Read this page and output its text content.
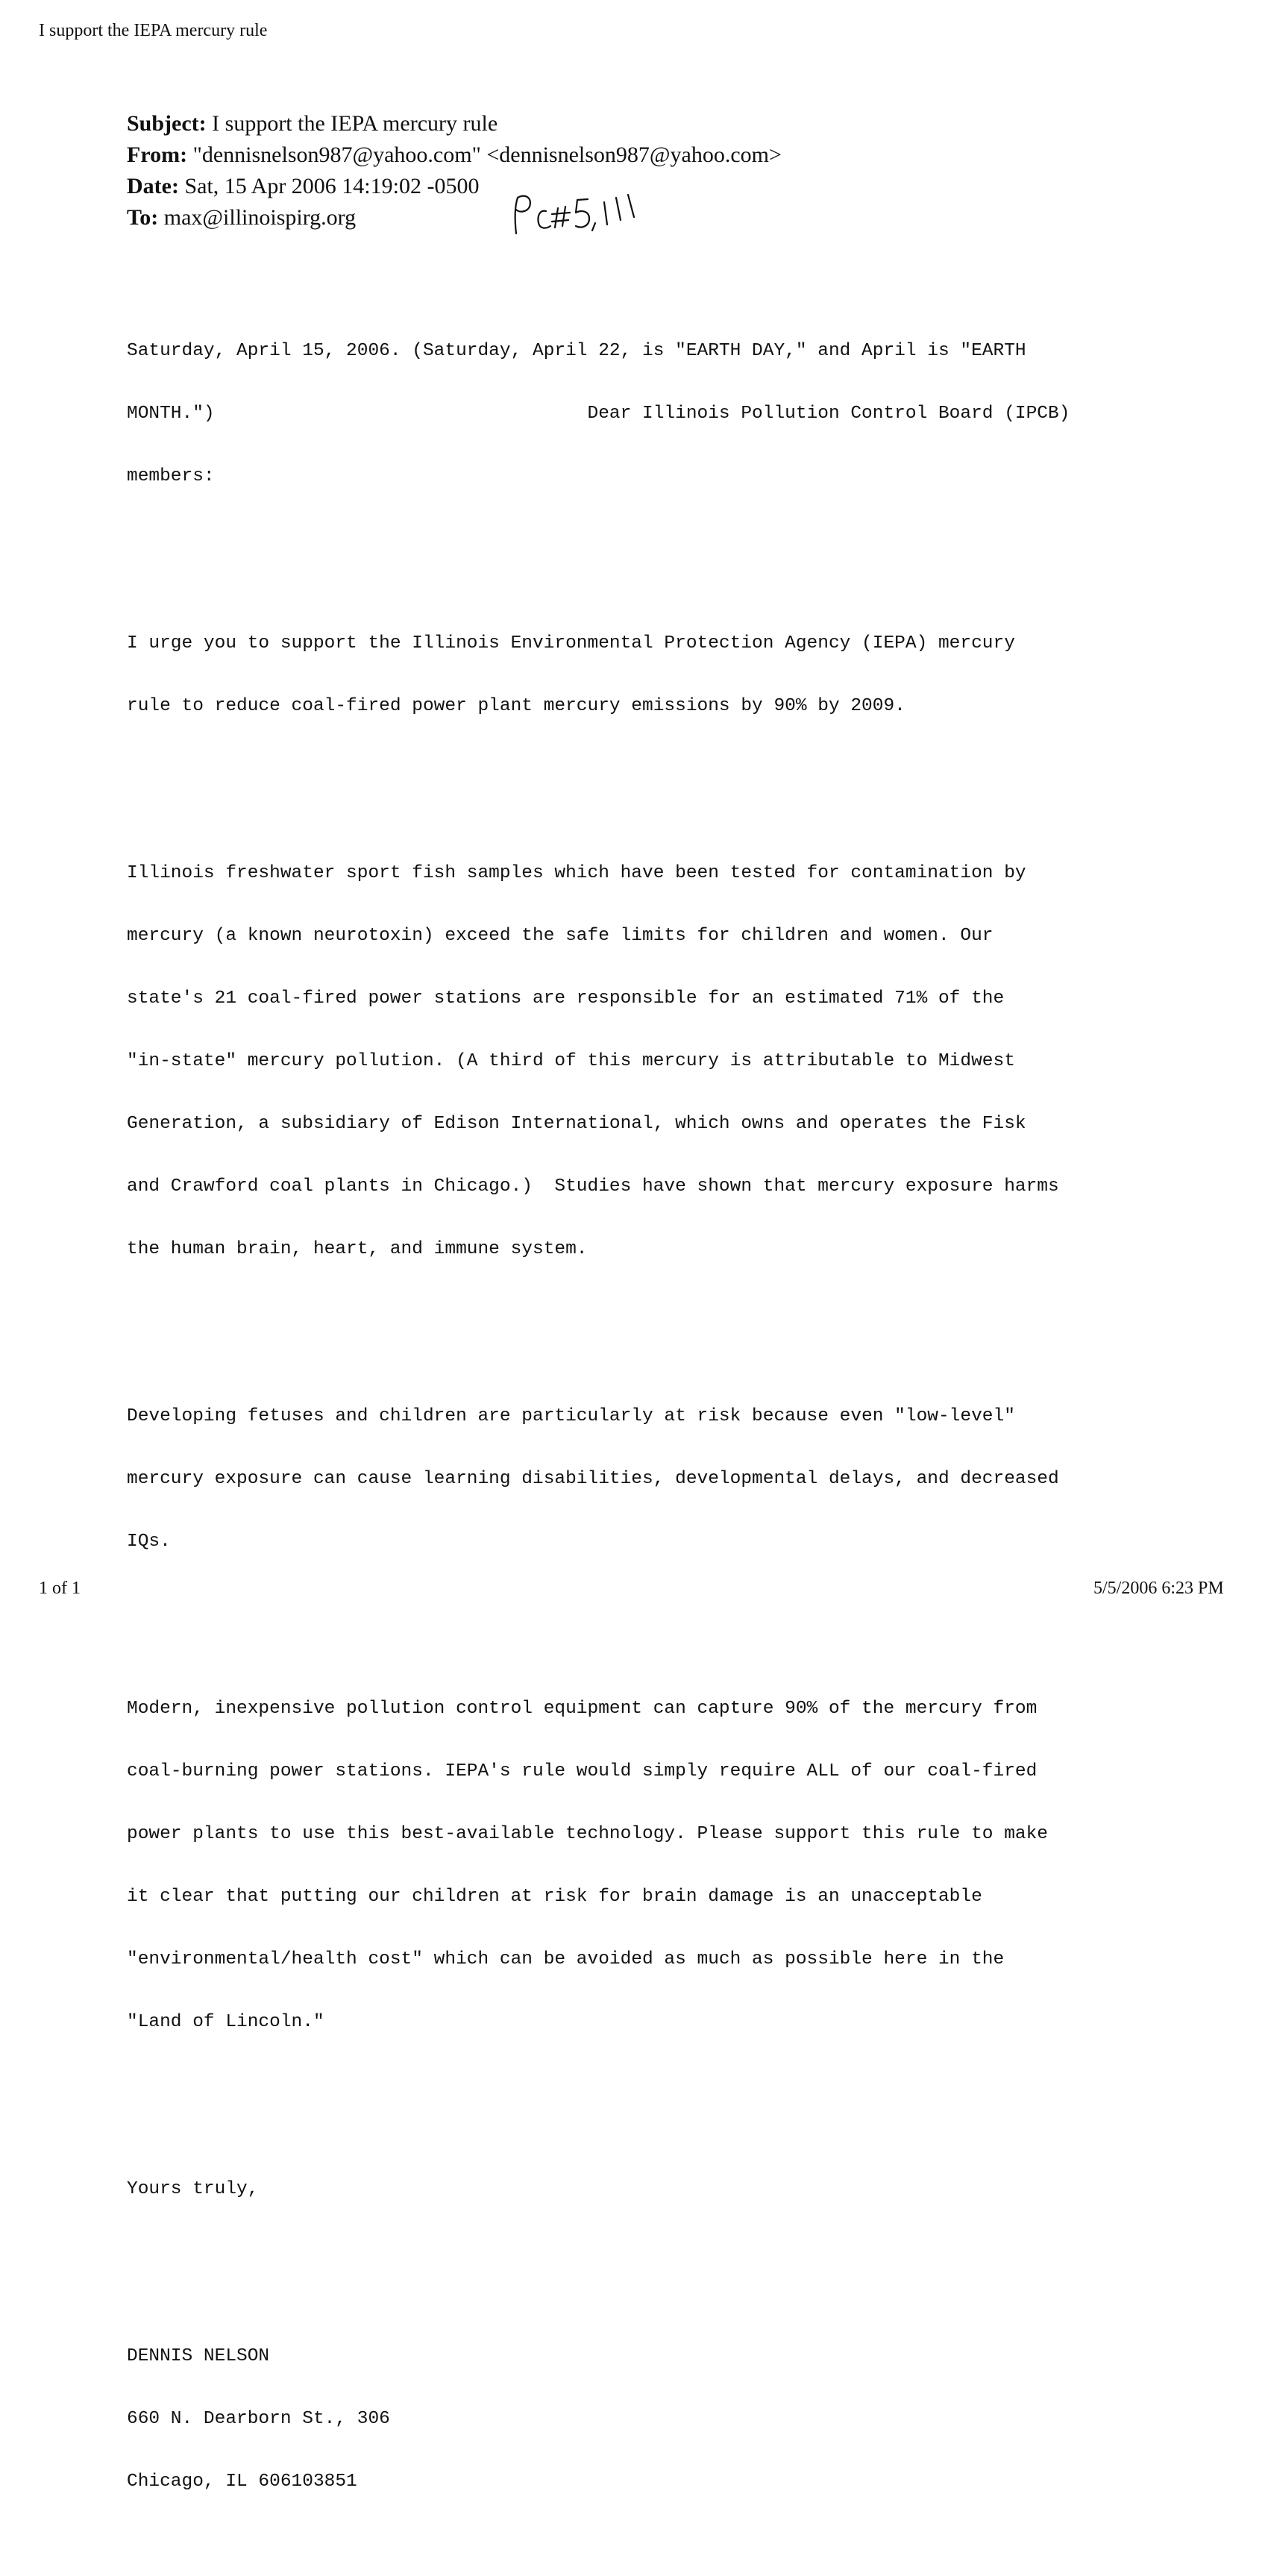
I support the IEPA mercury rule
Subject: I support the IEPA mercury rule
From: "dennisnelson987@yahoo.com" <dennisnelson987@yahoo.com>
Date: Sat, 15 Apr 2006 14:19:02 -0500
To: max@illinoispirg.org

Saturday, April 15, 2006. (Saturday, April 22, is "EARTH DAY," and April is "EARTH

MONTH.")                                  Dear Illinois Pollution Control Board (IPCB)

members:

I urge you to support the Illinois Environmental Protection Agency (IEPA) mercury

rule to reduce coal-fired power plant mercury emissions by 90% by 2009.

Illinois freshwater sport fish samples which have been tested for contamination by

mercury (a known neurotoxin) exceed the safe limits for children and women. Our

state's 21 coal-fired power stations are responsible for an estimated 71% of the

"in-state" mercury pollution. (A third of this mercury is attributable to Midwest

Generation, a subsidiary of Edison International, which owns and operates the Fisk

and Crawford coal plants in Chicago.)  Studies have shown that mercury exposure harms

the human brain, heart, and immune system.

Developing fetuses and children are particularly at risk because even "low-level"

mercury exposure can cause learning disabilities, developmental delays, and decreased

IQs.

Modern, inexpensive pollution control equipment can capture 90% of the mercury from

coal-burning power stations. IEPA's rule would simply require ALL of our coal-fired

power plants to use this best-available technology. Please support this rule to make

it clear that putting our children at risk for brain damage is an unacceptable

"environmental/health cost" which can be avoided as much as possible here in the

"Land of Lincoln."

Yours truly,

DENNIS NELSON

660 N. Dearborn St., 306

Chicago, IL 606103851

1 of 1	5/5/2006 6:23 PM
